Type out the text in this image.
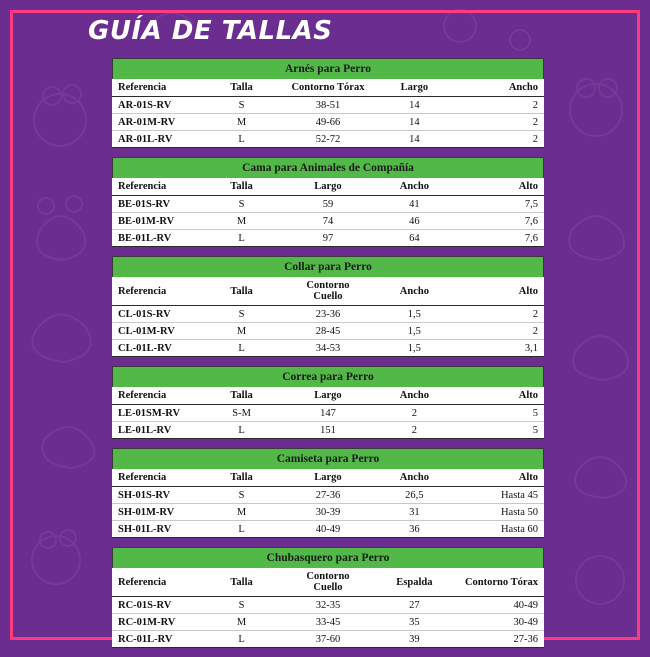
GUÍA DE TALLAS
Arnés para Perro
Referencia	Talla	Contorno Tórax	Largo	Ancho
AR-01S-RV	S	38-51	14	2
AR-01M-RV	M	49-66	14	2
AR-01L-RV	L	52-72	14	2
Cama para Animales de Compañía
Referencia	Talla	Largo	Ancho	Alto
BE-01S-RV	S	59	41	7,5
BE-01M-RV	M	74	46	7,6
BE-01L-RV	L	97	64	7,6
Collar para Perro
Referencia	Talla	Contorno Cuello	Ancho	Alto
CL-01S-RV	S	23-36	1,5	2
CL-01M-RV	M	28-45	1,5	2
CL-01L-RV	L	34-53	1,5	3,1
Correa para Perro
Referencia	Talla	Largo	Ancho	Alto
LE-01SM-RV	S-M	147	2	5
LE-01L-RV	L	151	2	5
Camiseta para Perro
Referencia	Talla	Largo	Ancho	Alto
SH-01S-RV	S	27-36	26,5	Hasta 45
SH-01M-RV	M	30-39	31	Hasta 50
SH-01L-RV	L	40-49	36	Hasta 60
Chubasquero para Perro
Referencia	Talla	Contorno Cuello	Espalda	Contorno Tórax
RC-01S-RV	S	32-35	27	40-49
RC-01M-RV	M	33-45	35	30-49
RC-01L-RV	L	37-60	39	27-36
